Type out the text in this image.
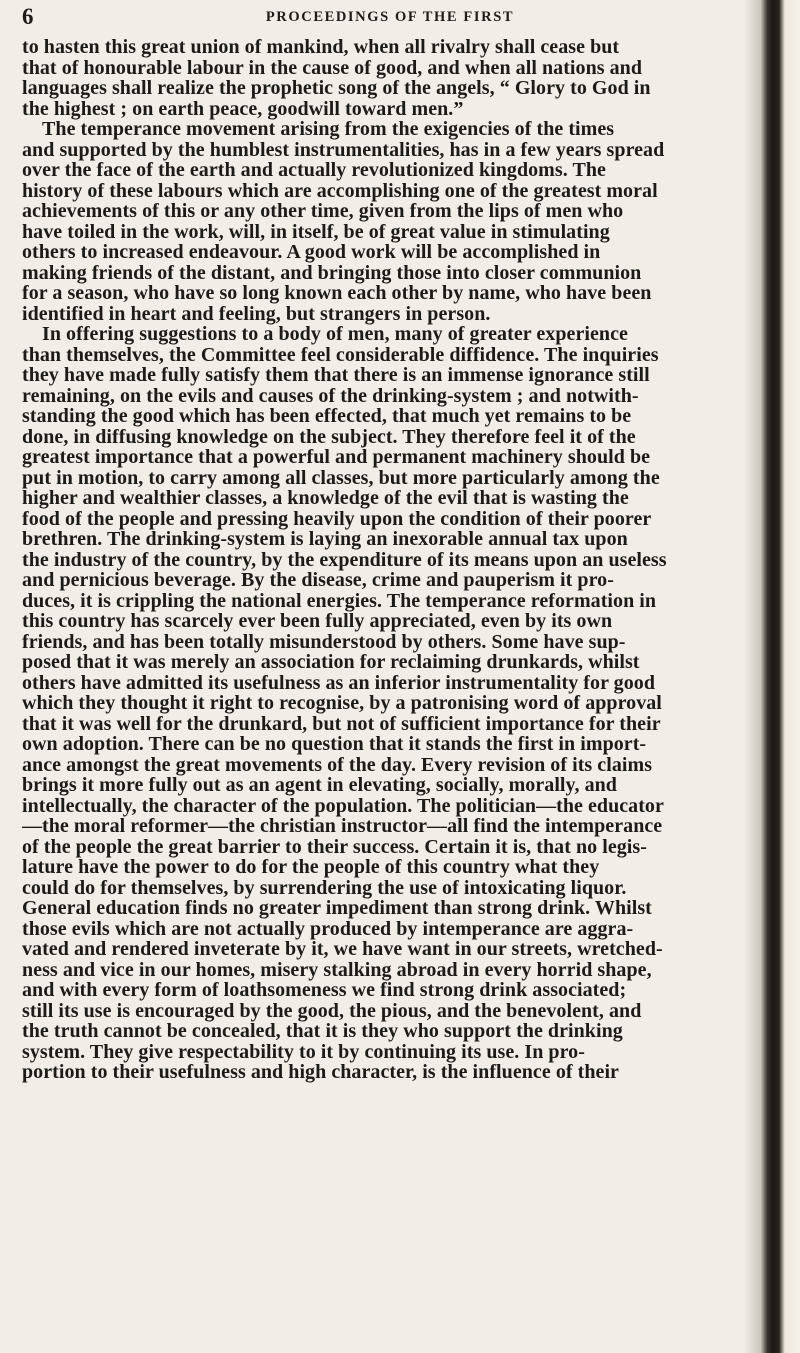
6	PROCEEDINGS OF THE FIRST
to hasten this great union of mankind, when all rivalry shall cease but
that of honourable labour in the cause of good, and when all nations and
languages shall realize the prophetic song of the angels, “ Glory to God in
the highest ; on earth peace, goodwill toward men.”
The temperance movement arising from the exigencies of the times
and supported by the humblest instrumentalities, has in a few years spread
over the face of the earth and actually revolutionized kingdoms. The
history of these labours which are accomplishing one of the greatest moral
achievements of this or any other time, given from the lips of men who
have toiled in the work, will, in itself, be of great value in stimulating
others to increased endeavour. A good work will be accomplished in
making friends of the distant, and bringing those into closer communion
for a season, who have so long known each other by name, who have been
identified in heart and feeling, but strangers in person.
In offering suggestions to a body of men, many of greater experience
than themselves, the Committee feel considerable diffidence. The inquiries
they have made fully satisfy them that there is an immense ignorance still
remaining, on the evils and causes of the drinking-system ; and notwith-
standing the good which has been effected, that much yet remains to be
done, in diffusing knowledge on the subject. They therefore feel it of the
greatest importance that a powerful and permanent machinery should be
put in motion, to carry among all classes, but more particularly among the
higher and wealthier classes, a knowledge of the evil that is wasting the
food of the people and pressing heavily upon the condition of their poorer
brethren. The drinking-system is laying an inexorable annual tax upon
the industry of the country, by the expenditure of its means upon an useless
and pernicious beverage. By the disease, crime and pauperism it pro-
duces, it is crippling the national energies. The temperance reformation in
this country has scarcely ever been fully appreciated, even by its own
friends, and has been totally misunderstood by others. Some have sup-
posed that it was merely an association for reclaiming drunkards, whilst
others have admitted its usefulness as an inferior instrumentality for good
which they thought it right to recognise, by a patronising word of approval
that it was well for the drunkard, but not of sufficient importance for their
own adoption. There can be no question that it stands the first in import-
ance amongst the great movements of the day. Every revision of its claims
brings it more fully out as an agent in elevating, socially, morally, and
intellectually, the character of the population. The politician—the educator
—the moral reformer—the christian instructor—all find the intemperance
of the people the great barrier to their success. Certain it is, that no legis-
lature have the power to do for the people of this country what they
could do for themselves, by surrendering the use of intoxicating liquor.
General education finds no greater impediment than strong drink. Whilst
those evils which are not actually produced by intemperance are aggra-
vated and rendered inveterate by it, we have want in our streets, wretched-
ness and vice in our homes, misery stalking abroad in every horrid shape,
and with every form of loathsomeness we find strong drink associated;
still its use is encouraged by the good, the pious, and the benevolent, and
the truth cannot be concealed, that it is they who support the drinking
system. They give respectability to it by continuing its use. In pro-
portion to their usefulness and high character, is the influence of their
